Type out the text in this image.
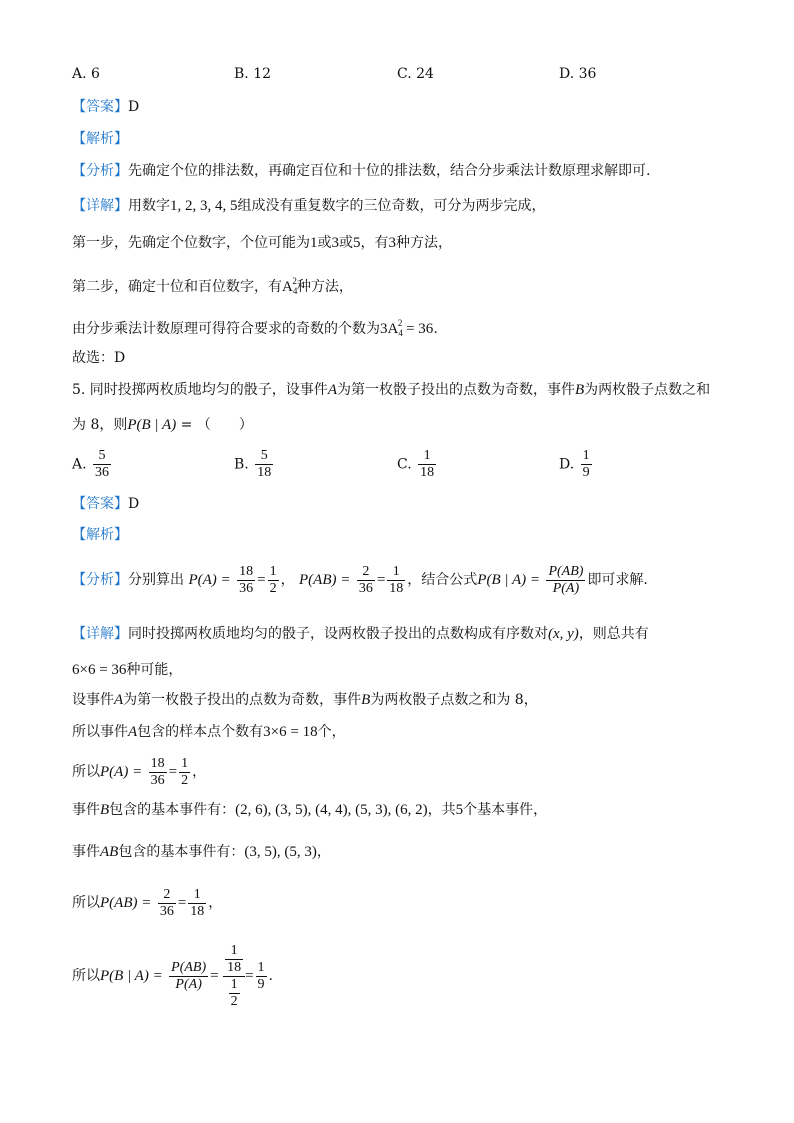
A. 6	B. 12	C. 24	D. 36
【答案】D
【解析】
【分析】先确定个位的排法数，再确定百位和十位的排法数，结合分步乘法计数原理求解即可.
【详解】用数字1, 2, 3, 4, 5组成没有重复数字的三位奇数，可分为两步完成，
第一步，先确定个位数字，个位可能为1或3或5，有3种方法，
第二步，确定十位和百位数字，有$A_4^2$种方法，
由分步乘法计数原理可得符合要求的奇数的个数为$3A_4^2 = 36$.
故选：D
5. 同时投掷两枚质地均匀的骰子，设事件A为第一枚骰子投出的点数为奇数，事件B为两枚骰子点数之和
为 8，则P(B | A) = （　　）
A. $\frac{5}{36}$	B. $\frac{5}{18}$	C. $\frac{1}{18}$	D. $\frac{1}{9}$
【答案】D
【解析】
【分析】分别算出 $P(A) = \frac{18}{36} = \frac{1}{2}$ ， $P(AB) = \frac{2}{36} = \frac{1}{18}$ ，结合公式P(B | $A) = \frac{P(AB)}{P(A)}$ 即可求解.
【详解】同时投掷两枚质地均匀的骰子，设两枚骰子投出的点数构成有序数对(x, y)，则总共有
6×6 = 36种可能，
设事件A为第一枚骰子投出的点数为奇数，事件B为两枚骰子点数之和为 8，
所以事件A包含的样本点个数有3×6 = 18个，
所以$P(A) = \frac{18}{36} = \frac{1}{2}$ ，
事件B包含的基本事件有：(2, 6), (3, 5), (4, 4), (5, 3), (6, 2)，共5个基本事件，
事件AB包含的基本事件有：(3, 5), (5, 3)，
所以$P(AB) = \frac{2}{36} = \frac{1}{18}$ ，
所以P(B | $A) = \frac{P(AB)}{P(A)} = \frac{\frac{1}{18}}{\frac{1}{2}} = \frac{1}{9}$ .
